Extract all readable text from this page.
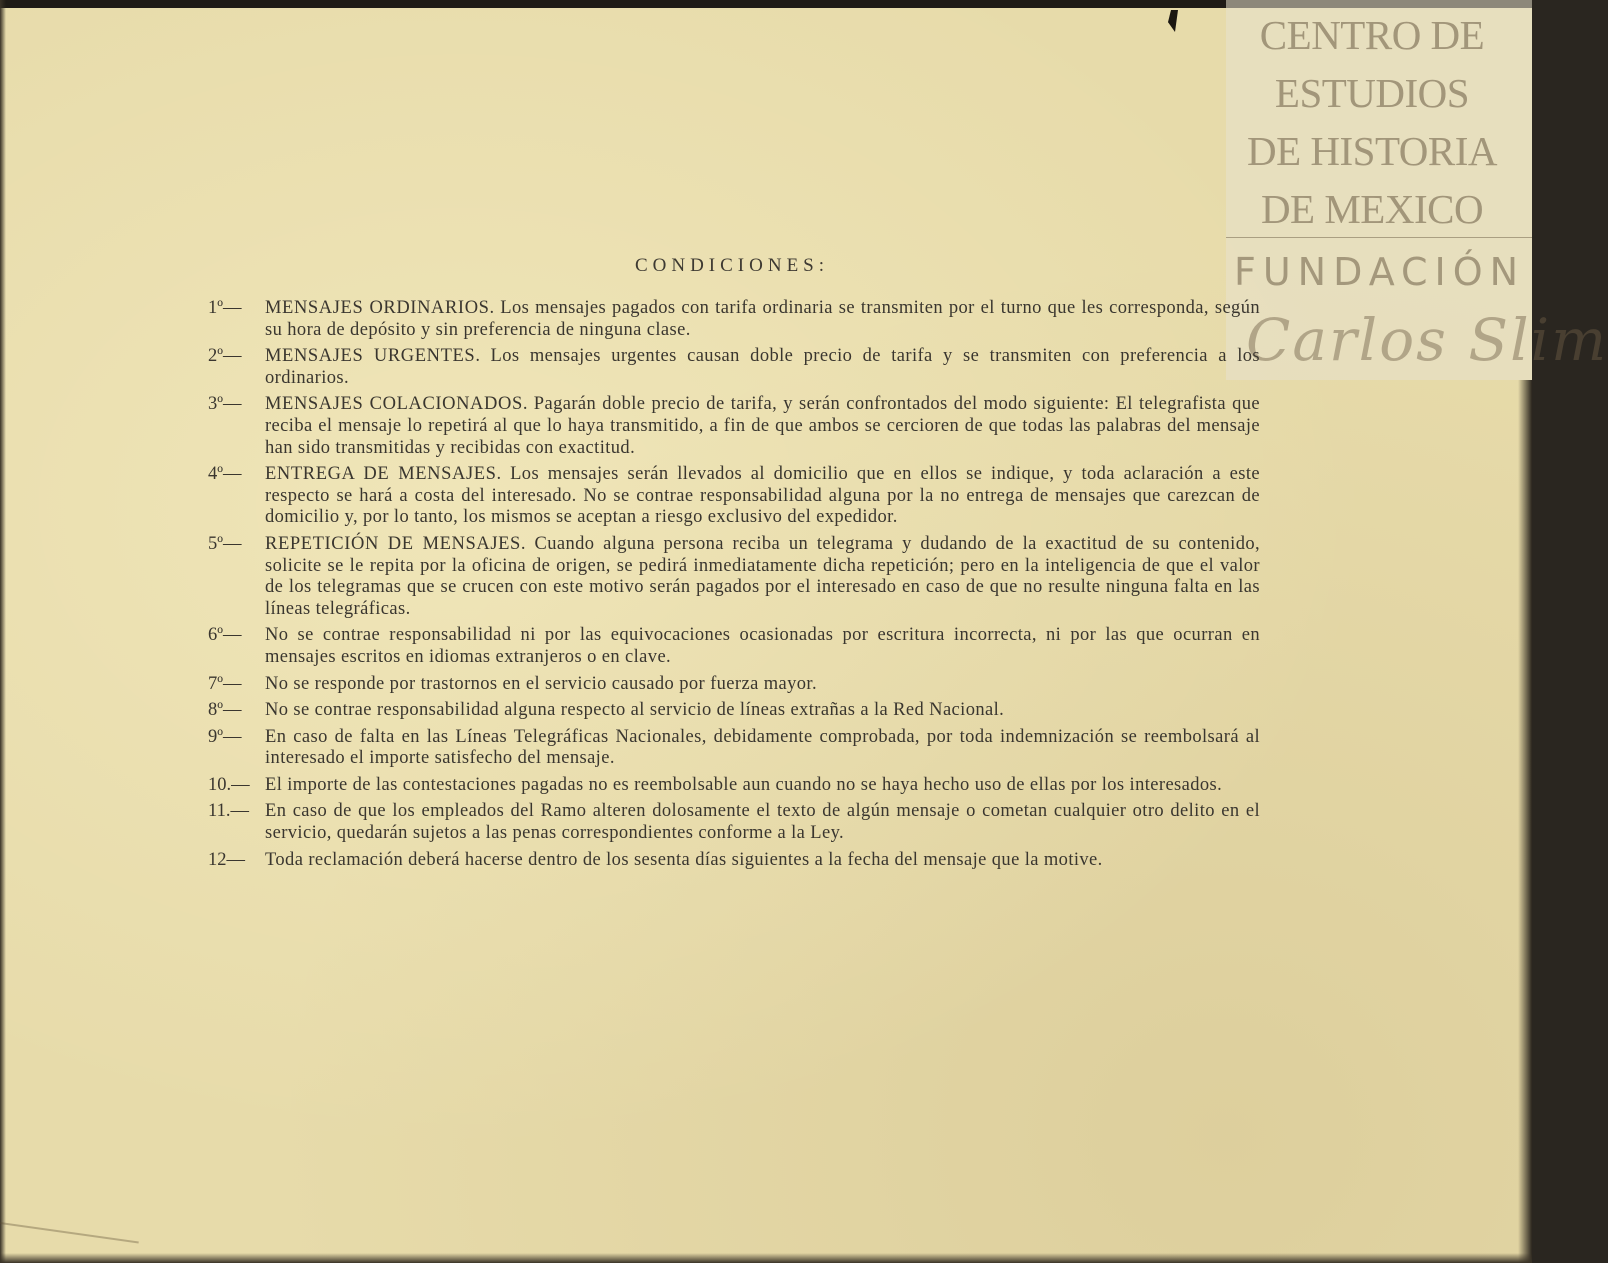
CENTRO DE
ESTUDIOS
DE HISTORIA
DE MEXICO
FUNDACIÓN
Carlos Slim
CONDICIONES:
1º—	MENSAJES ORDINARIOS. Los mensajes pagados con tarifa ordinaria se transmiten por el turno que les corresponda, según su hora de depósito y sin preferencia de ninguna clase.
2º—	MENSAJES URGENTES. Los mensajes urgentes causan doble precio de tarifa y se transmiten con preferencia a los ordinarios.
3º—	MENSAJES COLACIONADOS. Pagarán doble precio de tarifa, y serán confrontados del modo siguiente: El telegrafista que reciba el mensaje lo repetirá al que lo haya transmitido, a fin de que ambos se cercioren de que todas las palabras del mensaje han sido transmitidas y recibidas con exactitud.
4º—	ENTREGA DE MENSAJES. Los mensajes serán llevados al domicilio que en ellos se indique, y toda aclaración a este respecto se hará a costa del interesado. No se contrae responsabilidad alguna por la no entrega de mensajes que carezcan de domicilio y, por lo tanto, los mismos se aceptan a riesgo exclusivo del expedidor.
5º—	REPETICIÓN DE MENSAJES. Cuando alguna persona reciba un telegrama y dudando de la exactitud de su contenido, solicite se le repita por la oficina de origen, se pedirá inmediatamente dicha repetición; pero en la inteligencia de que el valor de los telegramas que se crucen con este motivo serán pagados por el interesado en caso de que no resulte ninguna falta en las líneas telegráficas.
6º—	No se contrae responsabilidad ni por las equivocaciones ocasionadas por escritura incorrecta, ni por las que ocurran en mensajes escritos en idiomas extranjeros o en clave.
7º—	No se responde por trastornos en el servicio causado por fuerza mayor.
8º—	No se contrae responsabilidad alguna respecto al servicio de líneas extrañas a la Red Nacional.
9º—	En caso de falta en las Líneas Telegráficas Nacionales, debidamente comprobada, por toda indemnización se reembolsará al interesado el importe satisfecho del mensaje.
10.— El importe de las contestaciones pagadas no es reembolsable aun cuando no se haya hecho uso de ellas por los interesados.
11.— En caso de que los empleados del Ramo alteren dolosamente el texto de algún mensaje o cometan cualquier otro delito en el servicio, quedarán sujetos a las penas correspondientes conforme a la Ley.
12—	Toda reclamación deberá hacerse dentro de los sesenta días siguientes a la fecha del mensaje que la motive.
